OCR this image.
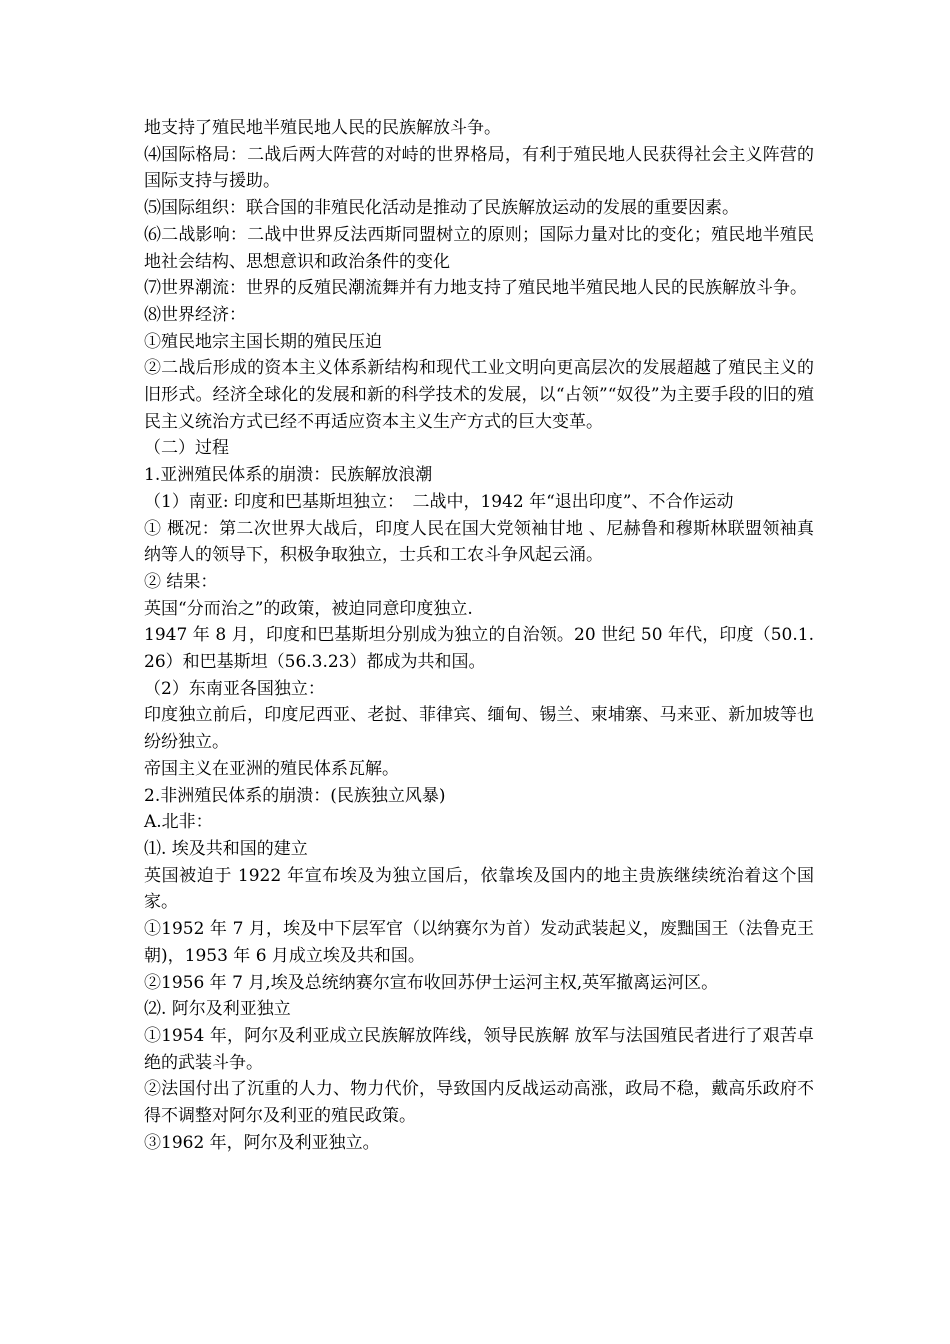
地支持了殖民地半殖民地人民的民族解放斗争。

⑷国际格局：二战后两大阵营的对峙的世界格局，有利于殖民地人民获得社会主义阵营的国际支持与援助。

⑸国际组织：联合国的非殖民化活动是推动了民族解放运动的发展的重要因素。

⑹二战影响：二战中世界反法西斯同盟树立的原则；国际力量对比的变化；殖民地半殖民地社会结构、思想意识和政治条件的变化

⑺世界潮流：世界的反殖民潮流舞并有力地支持了殖民地半殖民地人民的民族解放斗争。

⑻世界经济：

①殖民地宗主国长期的殖民压迫

②二战后形成的资本主义体系新结构和现代工业文明向更高层次的发展超越了殖民主义的旧形式。经济全球化的发展和新的科学技术的发展，以“占领”“奴役”为主要手段的旧的殖民主义统治方式已经不再适应资本主义生产方式的巨大变革。

（二）过程

1.亚洲殖民体系的崩溃：民族解放浪潮

（1）南亚: 印度和巴基斯坦独立：　二战中，1942 年“退出印度”、不合作运动

① 概况：第二次世界大战后，印度人民在国大党领袖甘地 、尼赫鲁和穆斯林联盟领袖真纳等人的领导下，积极争取独立，士兵和工农斗争风起云涌。

② 结果：

英国“分而治之”的政策，被迫同意印度独立.

1947 年 8 月，印度和巴基斯坦分别成为独立的自治领。20 世纪 50 年代，印度（50.1.26）和巴基斯坦（56.3.23）都成为共和国。

（2）东南亚各国独立：

印度独立前后，印度尼西亚、老挝、菲律宾、缅甸、锡兰、柬埔寨、马来亚、新加坡等也纷纷独立。

帝国主义在亚洲的殖民体系瓦解。

2.非洲殖民体系的崩溃：(民族独立风暴)

A.北非：

⑴. 埃及共和国的建立

英国被迫于 1922 年宣布埃及为独立国后，依靠埃及国内的地主贵族继续统治着这个国家。

①1952 年 7 月，埃及中下层军官（以纳赛尔为首）发动武装起义，废黜国王（法鲁克王朝)，1953 年 6 月成立埃及共和国。

②1956 年 7 月,埃及总统纳赛尔宣布收回苏伊士运河主权,英军撤离运河区。

⑵. 阿尔及利亚独立

①1954 年，阿尔及利亚成立民族解放阵线，领导民族解 放军与法国殖民者进行了艰苦卓绝的武装斗争。

②法国付出了沉重的人力、物力代价，导致国内反战运动高涨，政局不稳，戴高乐政府不得不调整对阿尔及利亚的殖民政策。

③1962 年，阿尔及利亚独立。
